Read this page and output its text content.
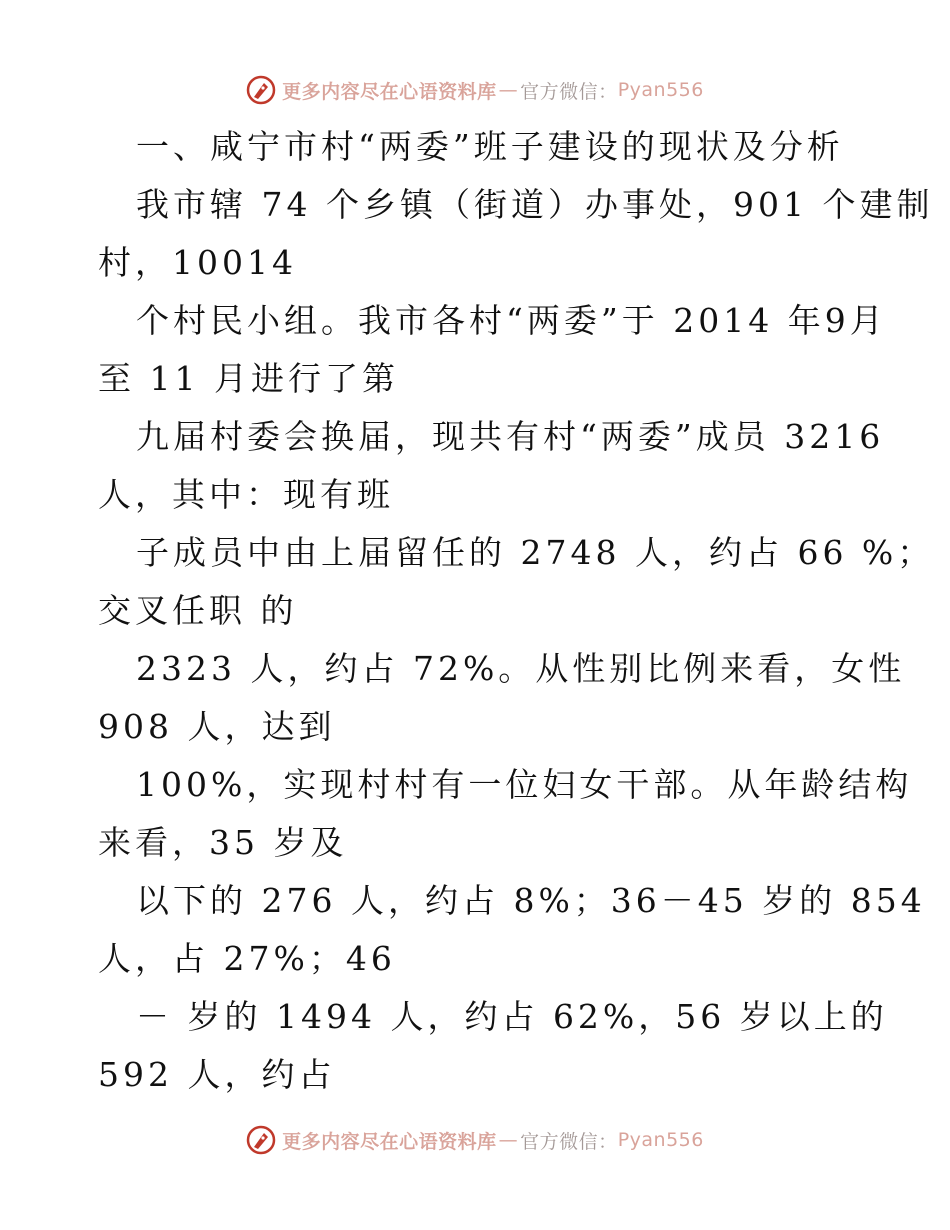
更多内容尽在心语资料库 — 官方微信： Pyan556
一、咸宁市村“两委”班子建设的现状及分析
我市辖 74 个乡镇（街道）办事处，901 个建制
村，10014
个村民小组。我市各村“两委”于 2014 年9月
至 11 月进行了第
九届村委会换届，现共有村“两委”成员 3216
人，其中：现有班
子成员中由上届留任的 2748 人，约占 66 %；
交叉任职 的
2323 人，约占 72%。从性别比例来看，女性
908 人，达到
100%，实现村村有一位妇女干部。从年龄结构
来看，35 岁及
以下的 276 人，约占 8%；36－45 岁的 854
人，占 27%；46
－ 岁的 1494 人，约占 62%，56 岁以上的
592 人，约占
更多内容尽在心语资料库 — 官方微信： Pyan556
